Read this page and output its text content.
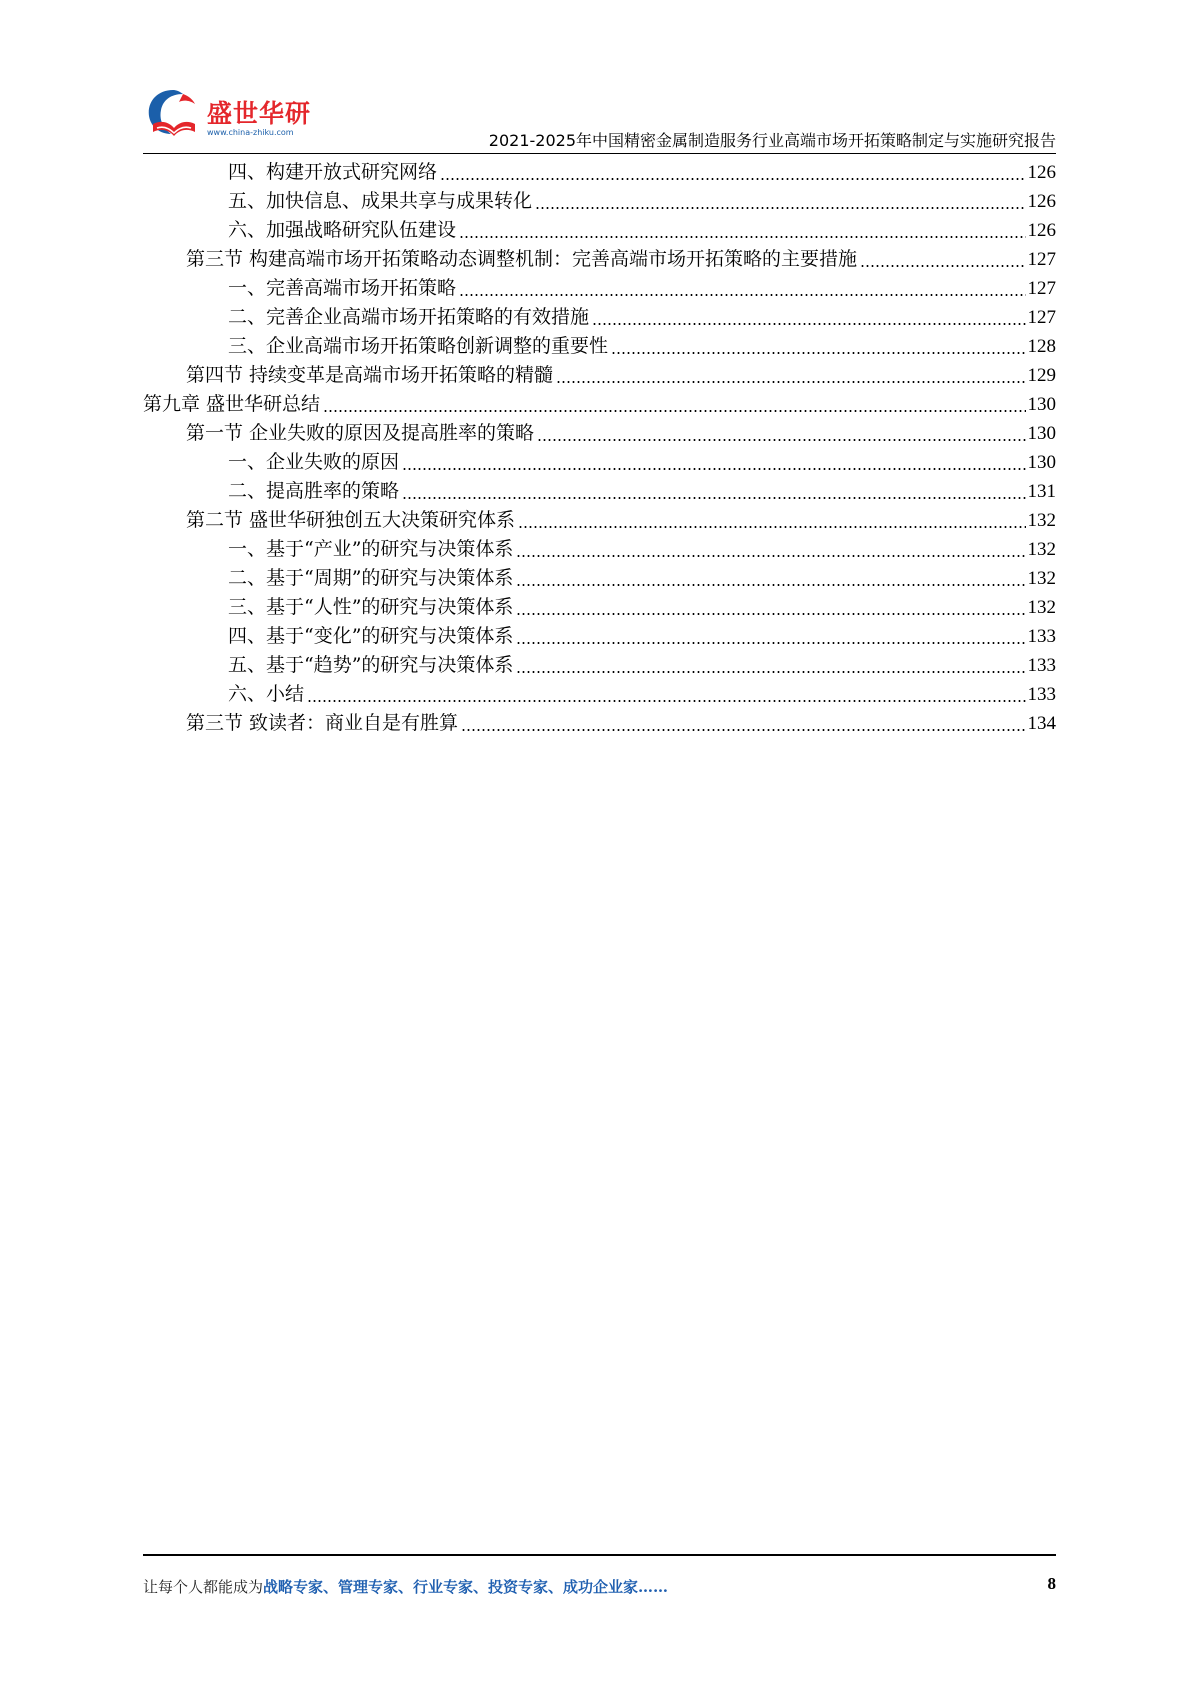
盛世华研
www.china-zhiku.com	2021-2025年中国精密金属制造服务行业高端市场开拓策略制定与实施研究报告
四、构建开放式研究网络	126
五、加快信息、成果共享与成果转化	126
六、加强战略研究队伍建设	126
第三节 构建高端市场开拓策略动态调整机制：完善高端市场开拓策略的主要措施	127
一、完善高端市场开拓策略	127
二、完善企业高端市场开拓策略的有效措施	127
三、企业高端市场开拓策略创新调整的重要性	128
第四节 持续变革是高端市场开拓策略的精髓	129
第九章 盛世华研总结	130
第一节 企业失败的原因及提高胜率的策略	130
一、企业失败的原因	130
二、提高胜率的策略	131
第二节 盛世华研独创五大决策研究体系	132
一、基于“产业”的研究与决策体系	132
二、基于“周期”的研究与决策体系	132
三、基于“人性”的研究与决策体系	132
四、基于“变化”的研究与决策体系	133
五、基于“趋势”的研究与决策体系	133
六、小结	133
第三节 致读者：商业自是有胜算	134
让每个人都能成为战略专家、管理专家、行业专家、投资专家、成功企业家……	8
